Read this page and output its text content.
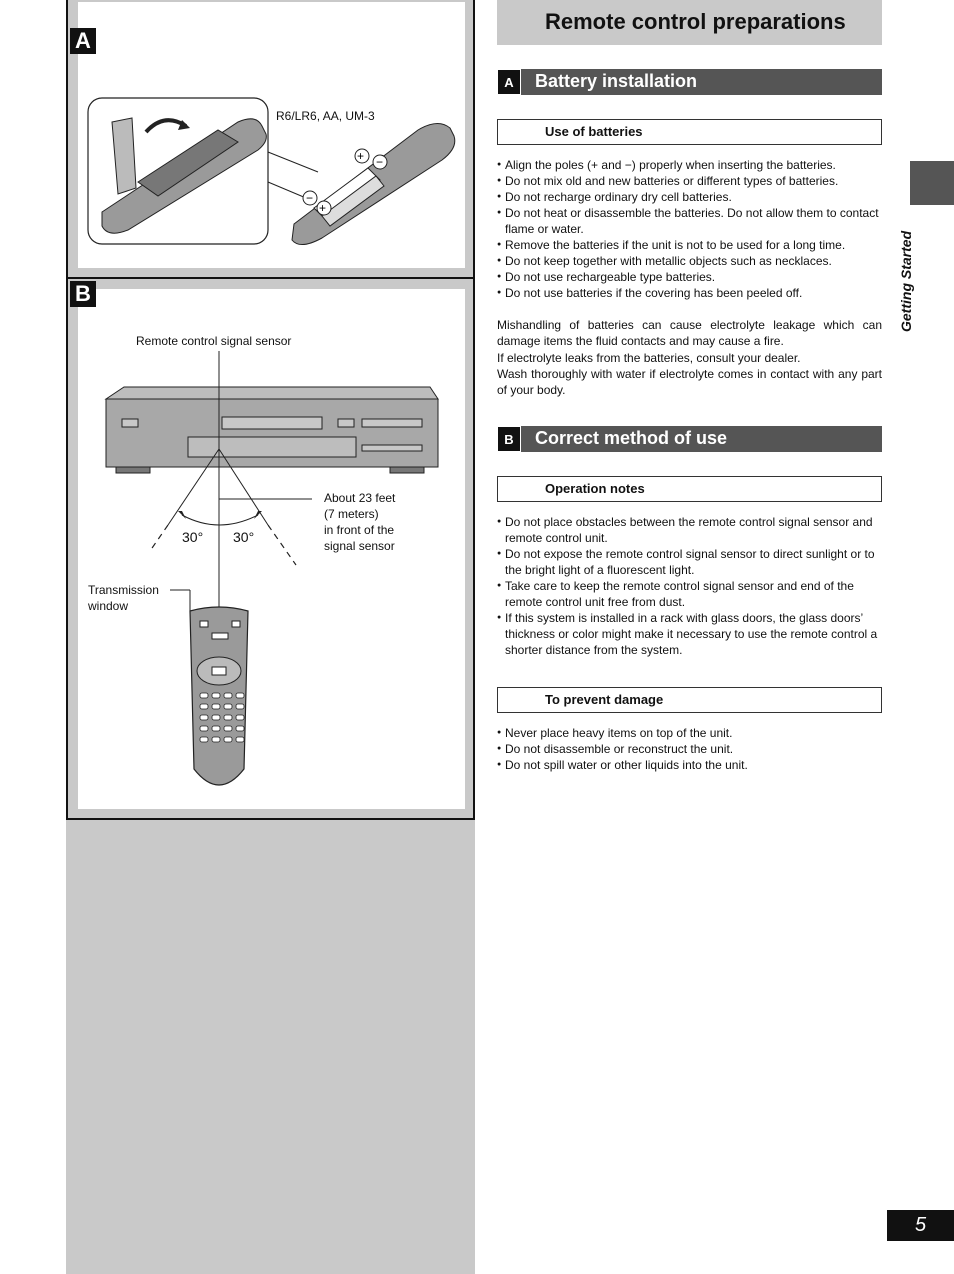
+ −
−
+
R6/LR6, AA, UM-3
A
Remote control signal sensor
About 23 feet
(7 meters)
in front of the
signal sensor
30° 30°
Transmission
window
B
Remote control preparations
A	Battery installation
Use of batteries
● Align the poles (+ and −) properly when inserting the batteries.
● Do not mix old and new batteries or different types of batteries.
● Do not recharge ordinary dry cell batteries.
● Do not heat or disassemble the batteries. Do not allow them to contact flame or water.
● Remove the batteries if the unit is not to be used for a long time.
● Do not keep together with metallic objects such as necklaces.
● Do not use rechargeable type batteries.
● Do not use batteries if the covering has been peeled off.
Mishandling of batteries can cause electrolyte leakage which can damage items the fluid contacts and may cause a fire.
If electrolyte leaks from the batteries, consult your dealer.
Wash thoroughly with water if electrolyte comes in contact with any part of your body.
B	Correct method of use
Operation notes
● Do not place obstacles between the remote control signal sensor and remote control unit.
● Do not expose the remote control signal sensor to direct sunlight or to the bright light of a fluorescent light.
● Take care to keep the remote control signal sensor and end of the remote control unit free from dust.
● If this system is installed in a rack with glass doors, the glass doors’ thickness or color might make it necessary to use the remote control a shorter distance from the system.
To prevent damage
● Never place heavy items on top of the unit.
● Do not disassemble or reconstruct the unit.
● Do not spill water or other liquids into the unit.
Getting Started
5
